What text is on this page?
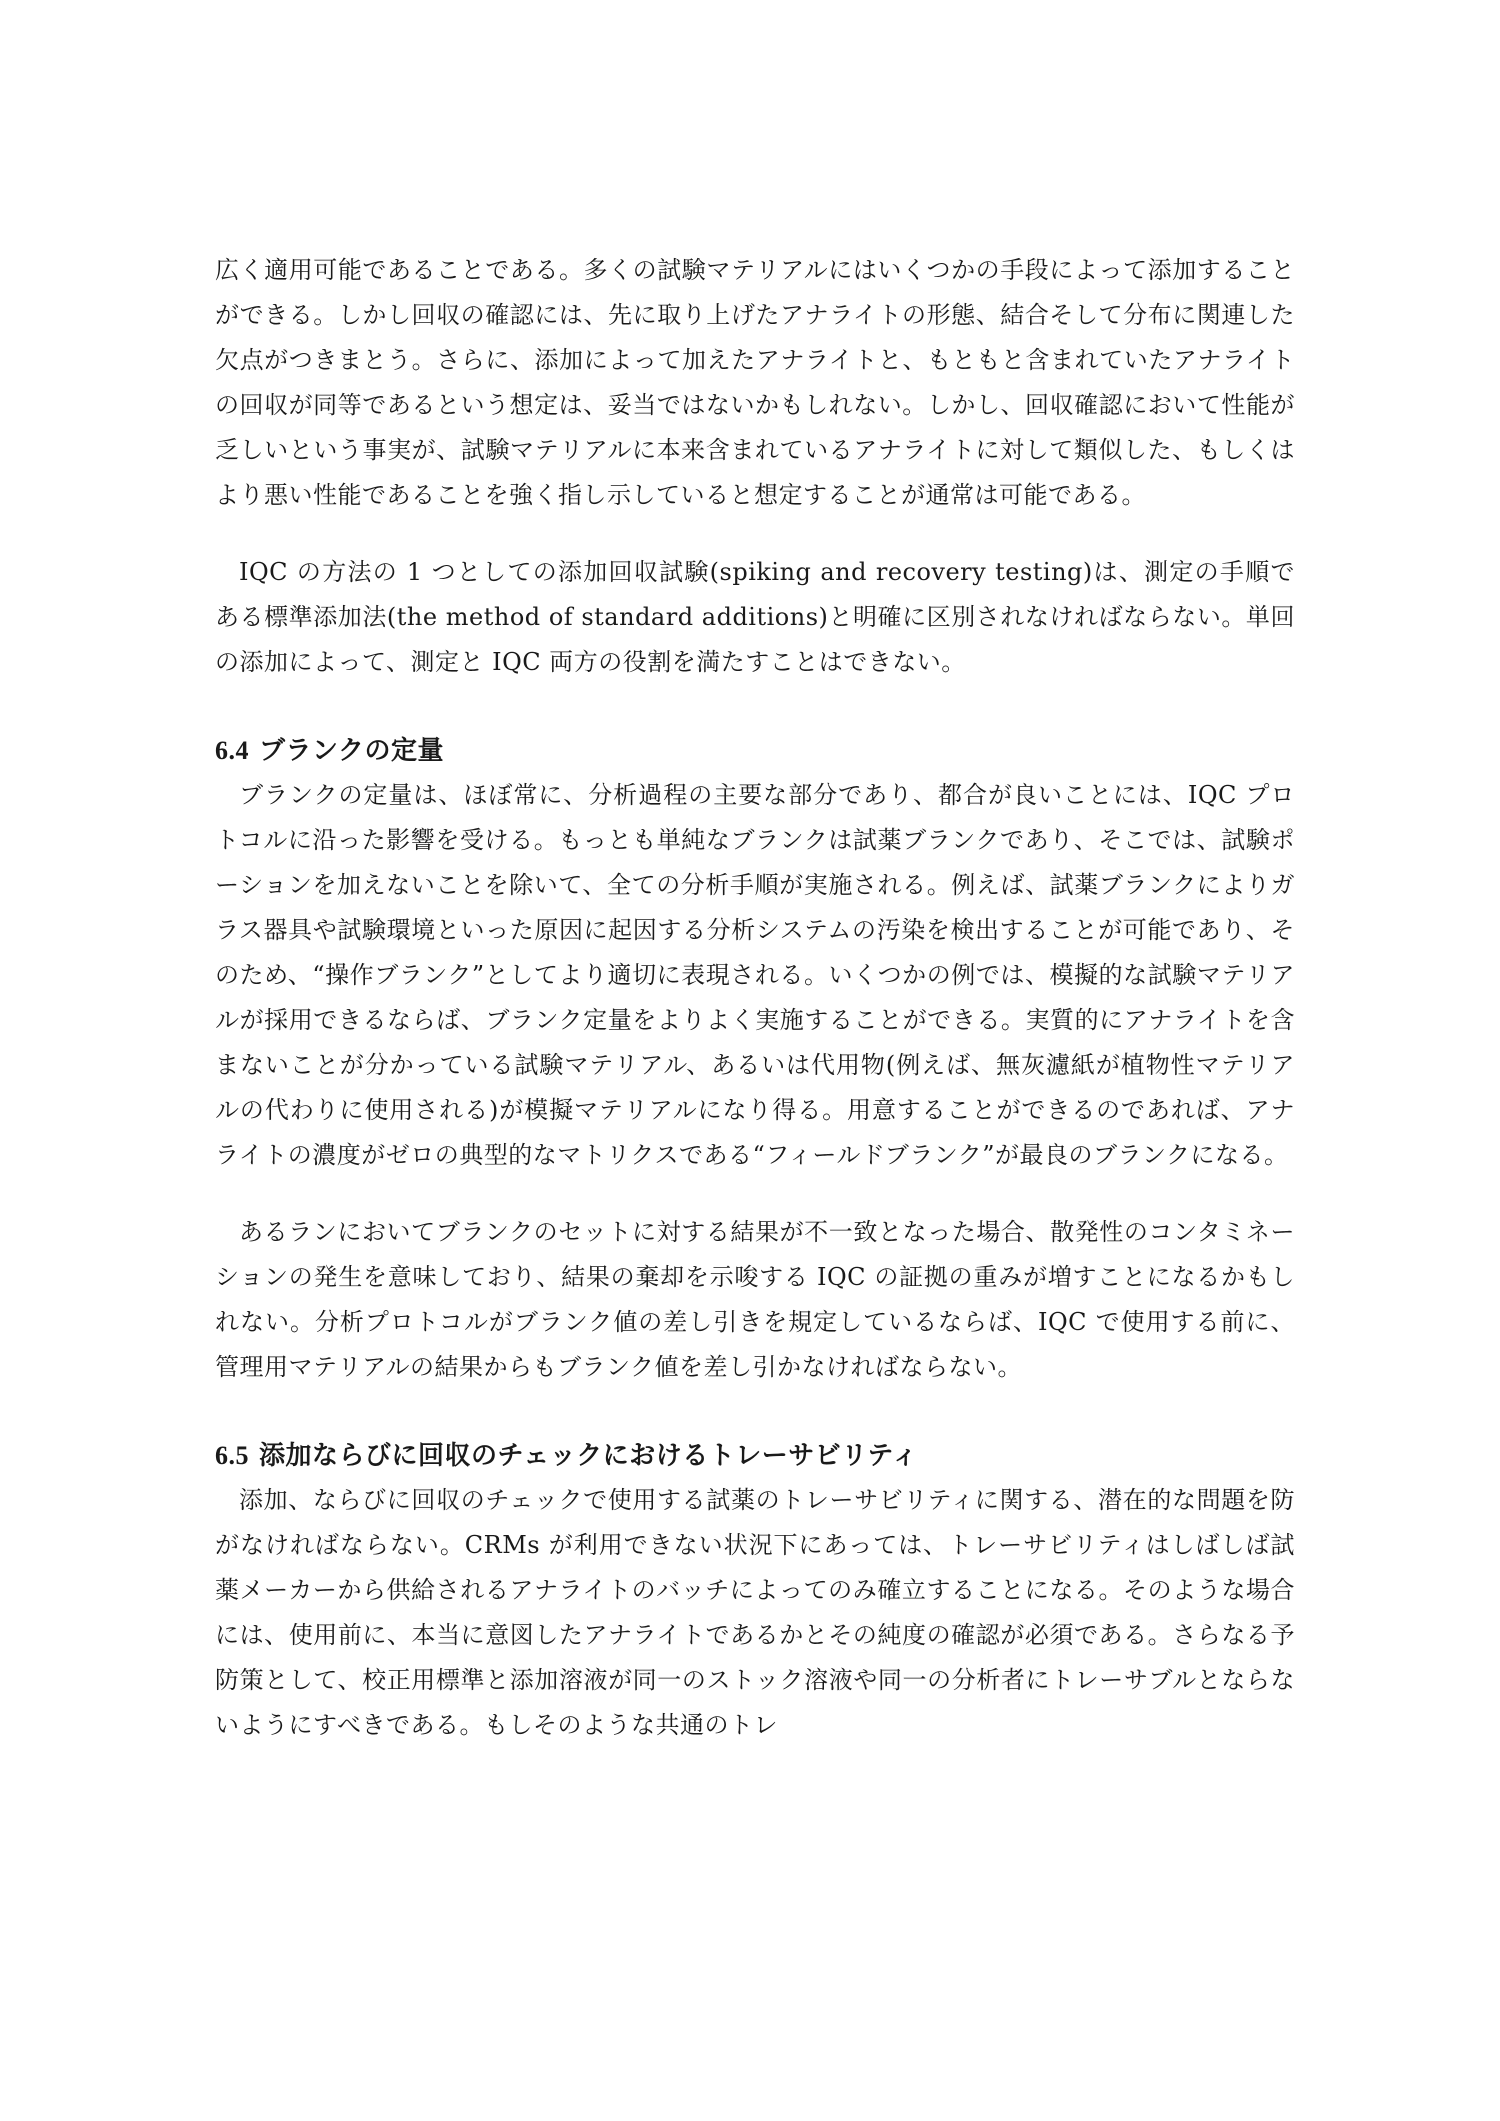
広く適用可能であることである。多くの試験マテリアルにはいくつかの手段によって添加することができる。しかし回収の確認には、先に取り上げたアナライトの形態、結合そして分布に関連した欠点がつきまとう。さらに、添加によって加えたアナライトと、もともと含まれていたアナライトの回収が同等であるという想定は、妥当ではないかもしれない。しかし、回収確認において性能が乏しいという事実が、試験マテリアルに本来含まれているアナライトに対して類似した、もしくはより悪い性能であることを強く指し示していると想定することが通常は可能である。

IQC の方法の 1 つとしての添加回収試験(spiking and recovery testing)は、測定の手順である標準添加法(the method of standard additions)と明確に区別されなければならない。単回の添加によって、測定と IQC 両方の役割を満たすことはできない。

6.4 ブランクの定量

ブランクの定量は、ほぼ常に、分析過程の主要な部分であり、都合が良いことには、IQC プロトコルに沿った影響を受ける。もっとも単純なブランクは試薬ブランクであり、そこでは、試験ポーションを加えないことを除いて、全ての分析手順が実施される。例えば、試薬ブランクによりガラス器具や試験環境といった原因に起因する分析システムの汚染を検出することが可能であり、そのため、“操作ブランク”としてより適切に表現される。いくつかの例では、模擬的な試験マテリアルが採用できるならば、ブランク定量をよりよく実施することができる。実質的にアナライトを含まないことが分かっている試験マテリアル、あるいは代用物(例えば、無灰濾紙が植物性マテリアルの代わりに使用される)が模擬マテリアルになり得る。用意することができるのであれば、アナライトの濃度がゼロの典型的なマトリクスである“フィールドブランク”が最良のブランクになる。

あるランにおいてブランクのセットに対する結果が不一致となった場合、散発性のコンタミネーションの発生を意味しており、結果の棄却を示唆する IQC の証拠の重みが増すことになるかもしれない。分析プロトコルがブランク値の差し引きを規定しているならば、IQC で使用する前に、管理用マテリアルの結果からもブランク値を差し引かなければならない。

6.5 添加ならびに回収のチェックにおけるトレーサビリティ

添加、ならびに回収のチェックで使用する試薬のトレーサビリティに関する、潜在的な問題を防がなければならない。CRMs が利用できない状況下にあっては、トレーサビリティはしばしば試薬メーカーから供給されるアナライトのバッチによってのみ確立することになる。そのような場合には、使用前に、本当に意図したアナライトであるかとその純度の確認が必須である。さらなる予防策として、校正用標準と添加溶液が同一のストック溶液や同一の分析者にトレーサブルとならないようにすべきである。もしそのような共通のトレ
